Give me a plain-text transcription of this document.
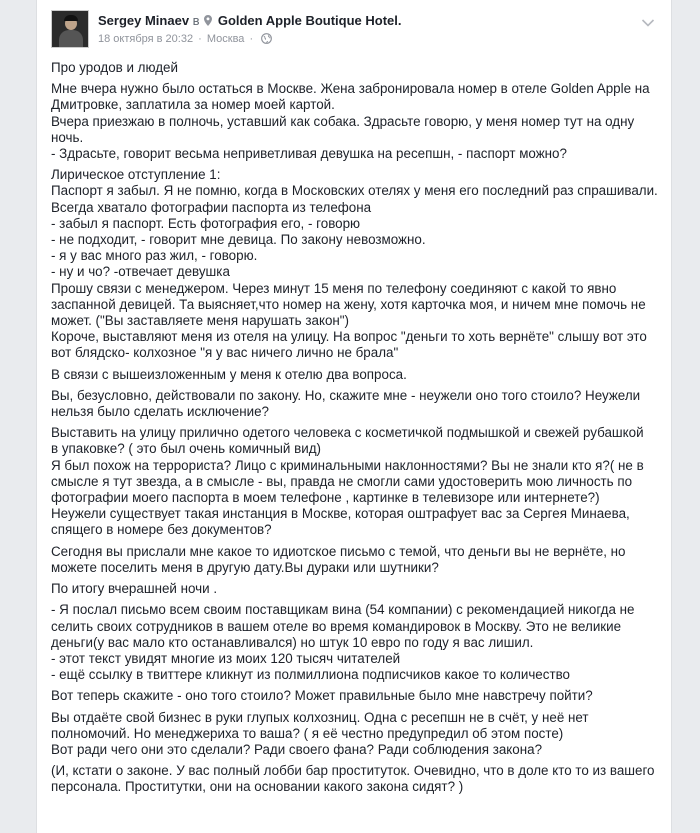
Sergey Minaev в Golden Apple Boutique Hotel.
18 октября в 20:32 · Москва ·

Про уродов и людей

Мне вчера нужно было остаться в Москве. Жена забронировала номер в отеле Golden Apple на
Дмитровке, заплатила за номер моей картой.
Вчера приезжаю в полночь, уставший как собака. Здрасьте говорю, у меня номер тут на одну
ночь.
- Здрасьте, говорит весьма неприветливая девушка на ресепшн, - паспорт можно?

Лирическое отступление 1:
Паспорт я забыл. Я не помню, когда в Московских отелях у меня его последний раз спрашивали.
Всегда хватало фотографии паспорта из телефона
- забыл я паспорт. Есть фотография его, - говорю
- не подходит, - говорит мне девица. По закону невозможно.
- я у вас много раз жил, - говорю.
- ну и чо? -отвечает девушка
Прошу связи с менеджером. Через минут 15 меня по телефону соединяют с какой то явно
заспанной девицей. Та выясняет,что номер на жену, хотя карточка моя, и ничем мне помочь не
может. ("Вы заставляете меня нарушать закон")
Короче, выставляют меня из отеля на улицу. На вопрос "деньги то хоть вернёте" слышу вот это
вот блядско- колхозное "я у вас ничего лично не брала"

В связи с вышеизложенным у меня к отелю два вопроса.

Вы, безусловно, действовали по закону. Но, скажите мне - неужели оно того стоило? Неужели
нельзя было сделать исключение?

Выставить на улицу прилично одетого человека с косметичкой подмышкой и свежей рубашкой
в упаковке? ( это был очень комичный вид)
Я был похож на террориста? Лицо с криминальными наклонностями? Вы не знали кто я?( не в
смысле я тут звезда, а в смысле - вы, правда не смогли сами удостоверить мою личность по
фотографии моего паспорта в моем телефоне , картинке в телевизоре или интернете?)
Неужели существует такая инстанция в Москве, которая оштрафует вас за Сергея Минаева,
спящего в номере без документов?

Сегодня вы прислали мне какое то идиотское письмо с темой, что деньги вы не вернёте, но
можете поселить меня в другую дату.Вы дураки или шутники?

По итогу вчерашней ночи .

- Я послал письмо всем своим поставщикам вина (54 компании) с рекомендацией никогда не
селить своих сотрудников в вашем отеле во время командировок в Москву. Это не великие
деньги(у вас мало кто останавливался) но штук 10 евро по году я вас лишил.
- этот текст увидят многие из моих 120 тысяч читателей
- ещё ссылку в твиттере кликнут из полмиллиона подписчиков какое то количество

Вот теперь скажите - оно того стоило? Может правильные было мне навстречу пойти?

Вы отдаёте свой бизнес в руки глупых колхозниц. Одна с ресепшн не в счёт, у неё нет
полномочий. Но менеджериха то ваша? ( я её честно предупредил об этом посте)
Вот ради чего они это сделали? Ради своего фана? Ради соблюдения закона?

(И, кстати о законе. У вас полный лобби бар проституток. Очевидно, что в доле кто то из вашего
персонала. Проститутки, они на основании какого закона сидят? )
